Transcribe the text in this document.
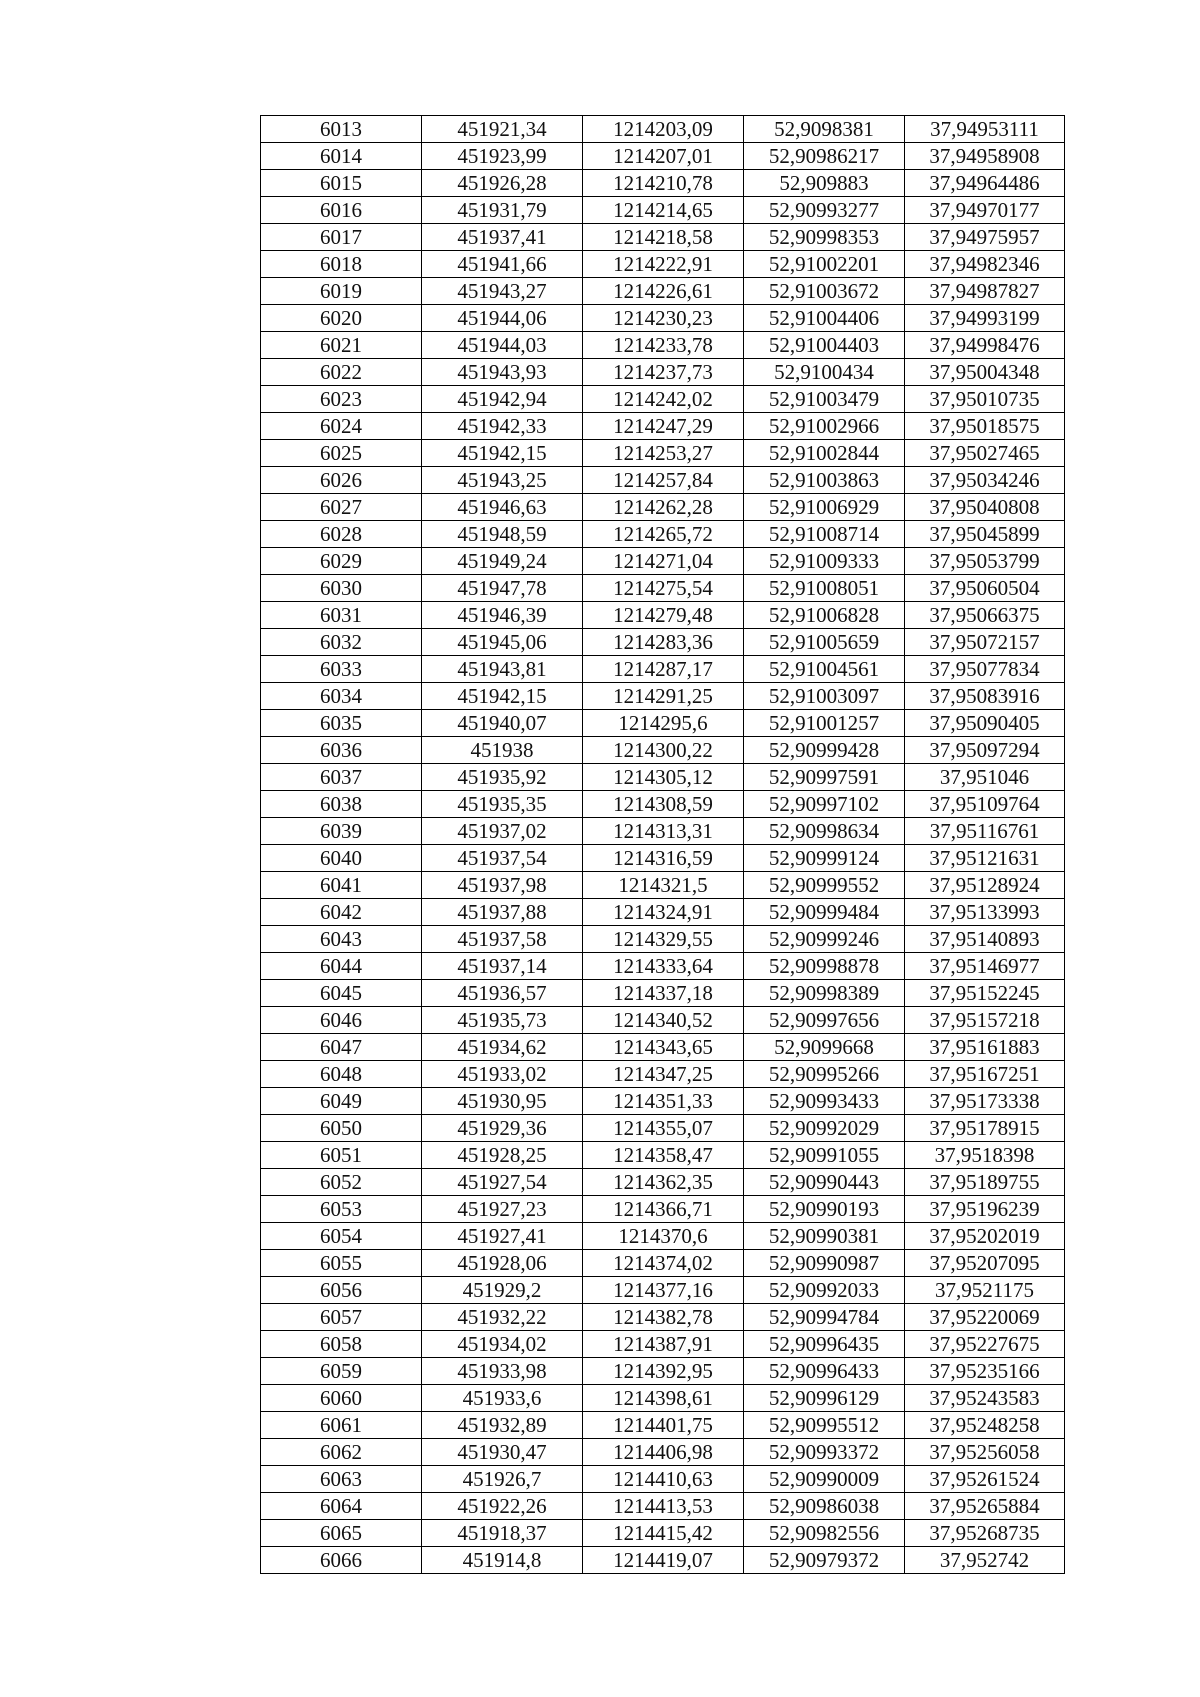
6013	451921,34	1214203,09	52,9098381	37,94953111
6014	451923,99	1214207,01	52,90986217	37,94958908
6015	451926,28	1214210,78	52,909883	37,94964486
6016	451931,79	1214214,65	52,90993277	37,94970177
6017	451937,41	1214218,58	52,90998353	37,94975957
6018	451941,66	1214222,91	52,91002201	37,94982346
6019	451943,27	1214226,61	52,91003672	37,94987827
6020	451944,06	1214230,23	52,91004406	37,94993199
6021	451944,03	1214233,78	52,91004403	37,94998476
6022	451943,93	1214237,73	52,9100434	37,95004348
6023	451942,94	1214242,02	52,91003479	37,95010735
6024	451942,33	1214247,29	52,91002966	37,95018575
6025	451942,15	1214253,27	52,91002844	37,95027465
6026	451943,25	1214257,84	52,91003863	37,95034246
6027	451946,63	1214262,28	52,91006929	37,95040808
6028	451948,59	1214265,72	52,91008714	37,95045899
6029	451949,24	1214271,04	52,91009333	37,95053799
6030	451947,78	1214275,54	52,91008051	37,95060504
6031	451946,39	1214279,48	52,91006828	37,95066375
6032	451945,06	1214283,36	52,91005659	37,95072157
6033	451943,81	1214287,17	52,91004561	37,95077834
6034	451942,15	1214291,25	52,91003097	37,95083916
6035	451940,07	1214295,6	52,91001257	37,95090405
6036	451938	1214300,22	52,90999428	37,95097294
6037	451935,92	1214305,12	52,90997591	37,951046
6038	451935,35	1214308,59	52,90997102	37,95109764
6039	451937,02	1214313,31	52,90998634	37,95116761
6040	451937,54	1214316,59	52,90999124	37,95121631
6041	451937,98	1214321,5	52,90999552	37,95128924
6042	451937,88	1214324,91	52,90999484	37,95133993
6043	451937,58	1214329,55	52,90999246	37,95140893
6044	451937,14	1214333,64	52,90998878	37,95146977
6045	451936,57	1214337,18	52,90998389	37,95152245
6046	451935,73	1214340,52	52,90997656	37,95157218
6047	451934,62	1214343,65	52,9099668	37,95161883
6048	451933,02	1214347,25	52,90995266	37,95167251
6049	451930,95	1214351,33	52,90993433	37,95173338
6050	451929,36	1214355,07	52,90992029	37,95178915
6051	451928,25	1214358,47	52,90991055	37,9518398
6052	451927,54	1214362,35	52,90990443	37,95189755
6053	451927,23	1214366,71	52,90990193	37,95196239
6054	451927,41	1214370,6	52,90990381	37,95202019
6055	451928,06	1214374,02	52,90990987	37,95207095
6056	451929,2	1214377,16	52,90992033	37,9521175
6057	451932,22	1214382,78	52,90994784	37,95220069
6058	451934,02	1214387,91	52,90996435	37,95227675
6059	451933,98	1214392,95	52,90996433	37,95235166
6060	451933,6	1214398,61	52,90996129	37,95243583
6061	451932,89	1214401,75	52,90995512	37,95248258
6062	451930,47	1214406,98	52,90993372	37,95256058
6063	451926,7	1214410,63	52,90990009	37,95261524
6064	451922,26	1214413,53	52,90986038	37,95265884
6065	451918,37	1214415,42	52,90982556	37,95268735
6066	451914,8	1214419,07	52,90979372	37,952742
